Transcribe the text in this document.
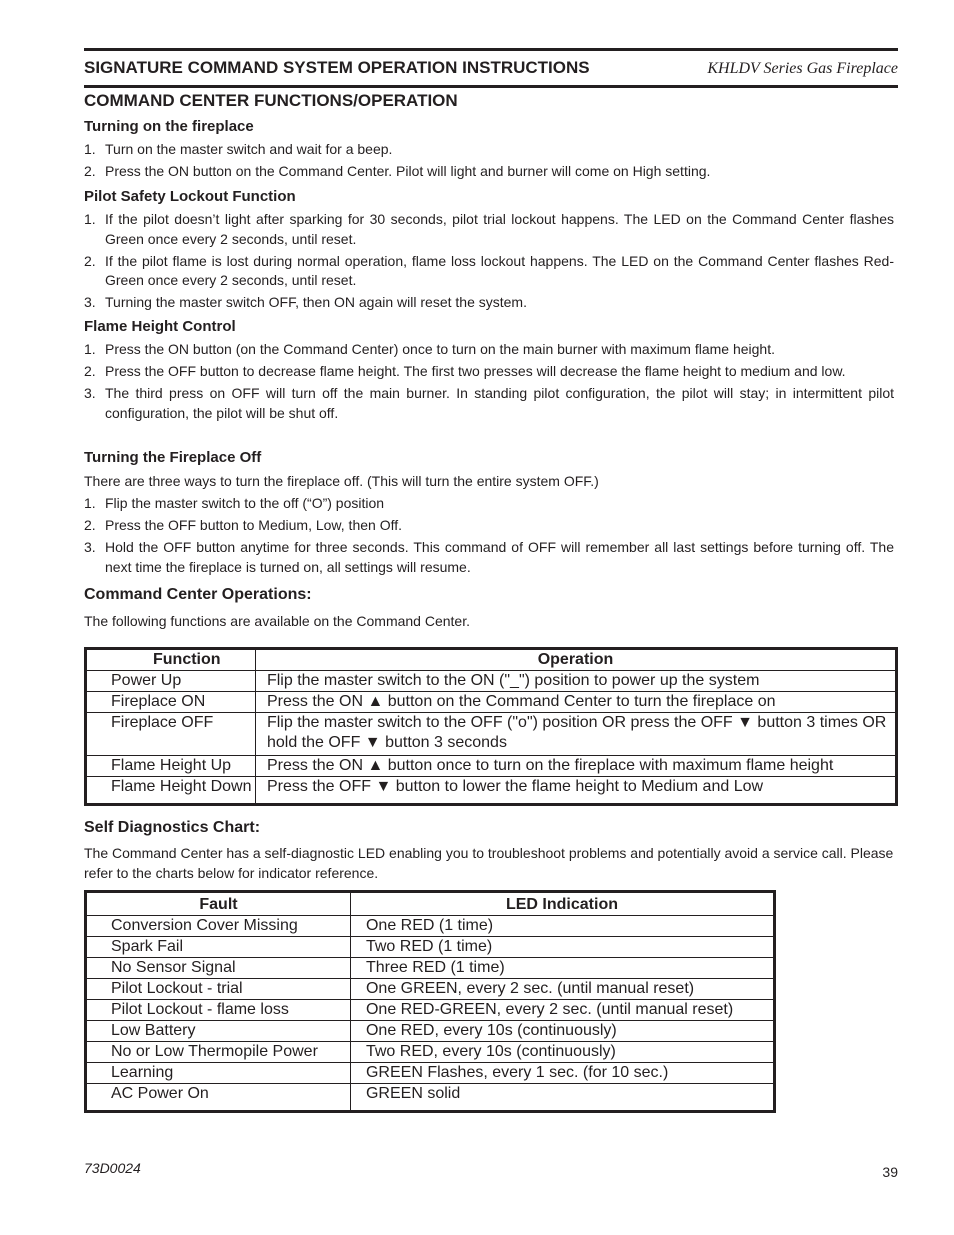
SIGNATURE COMMAND SYSTEM OPERATION INSTRUCTIONS	KHLDV Series Gas Fireplace
COMMAND CENTER FUNCTIONS/OPERATION
Turning on the fireplace
1. Turn on the master switch and wait for a beep.
2. Press the ON button on the Command Center. Pilot will light and burner will come on High setting.
Pilot Safety Lockout Function
1. If the pilot doesn’t light after sparking for 30 seconds, pilot trial lockout happens. The LED on the Command Center flashes Green once every 2 seconds, until reset.
2. If the pilot flame is lost during normal operation, flame loss lockout happens. The LED on the Command Center flashes Red-Green once every 2 seconds, until reset.
3. Turning the master switch OFF, then ON again will reset the system.
Flame Height Control
1. Press the ON button (on the Command Center) once to turn on the main burner with maximum flame height.
2. Press the OFF button to decrease flame height. The first two presses will decrease the flame height to medium and low.
3. The third press on OFF will turn off the main burner. In standing pilot configuration, the pilot will stay; in intermittent pilot configuration, the pilot will be shut off.
Turning the Fireplace Off
There are three ways to turn the fireplace off. (This will turn the entire system OFF.)
1. Flip the master switch to the off (“O”) position
2. Press the OFF button to Medium, Low, then Off.
3. Hold the OFF button anytime for three seconds. This command of OFF will remember all last settings before turning off. The next time the fireplace is turned on, all settings will resume.
Command Center Operations:
The following functions are available on the Command Center.
Function	Operation
Power Up	Flip the master switch to the ON ("_") position to power up the system
Fireplace ON	Press the ON ▲ button on the Command Center to turn the fireplace on
Fireplace OFF	Flip the master switch to the OFF ("o") position OR press the OFF ▼ button 3 times OR hold the OFF ▼ button 3 seconds
Flame Height Up	Press the ON ▲ button once to turn on the fireplace with maximum flame height
Flame Height Down	Press the OFF ▼ button to lower the flame height to Medium and Low
Self Diagnostics Chart:
The Command Center has a self-diagnostic LED enabling you to troubleshoot problems and potentially avoid a service call. Please refer to the charts below for indicator reference.
Fault	LED Indication
Conversion Cover Missing	One RED (1 time)
Spark Fail	Two RED (1 time)
No Sensor Signal	Three RED (1 time)
Pilot Lockout - trial	One GREEN, every 2 sec. (until manual reset)
Pilot Lockout - flame loss	One RED-GREEN, every 2 sec. (until manual reset)
Low Battery	One RED, every 10s (continuously)
No or Low Thermopile Power	Two RED, every 10s (continuously)
Learning	GREEN Flashes, every 1 sec. (for 10 sec.)
AC Power On	GREEN solid
73D0024	39
